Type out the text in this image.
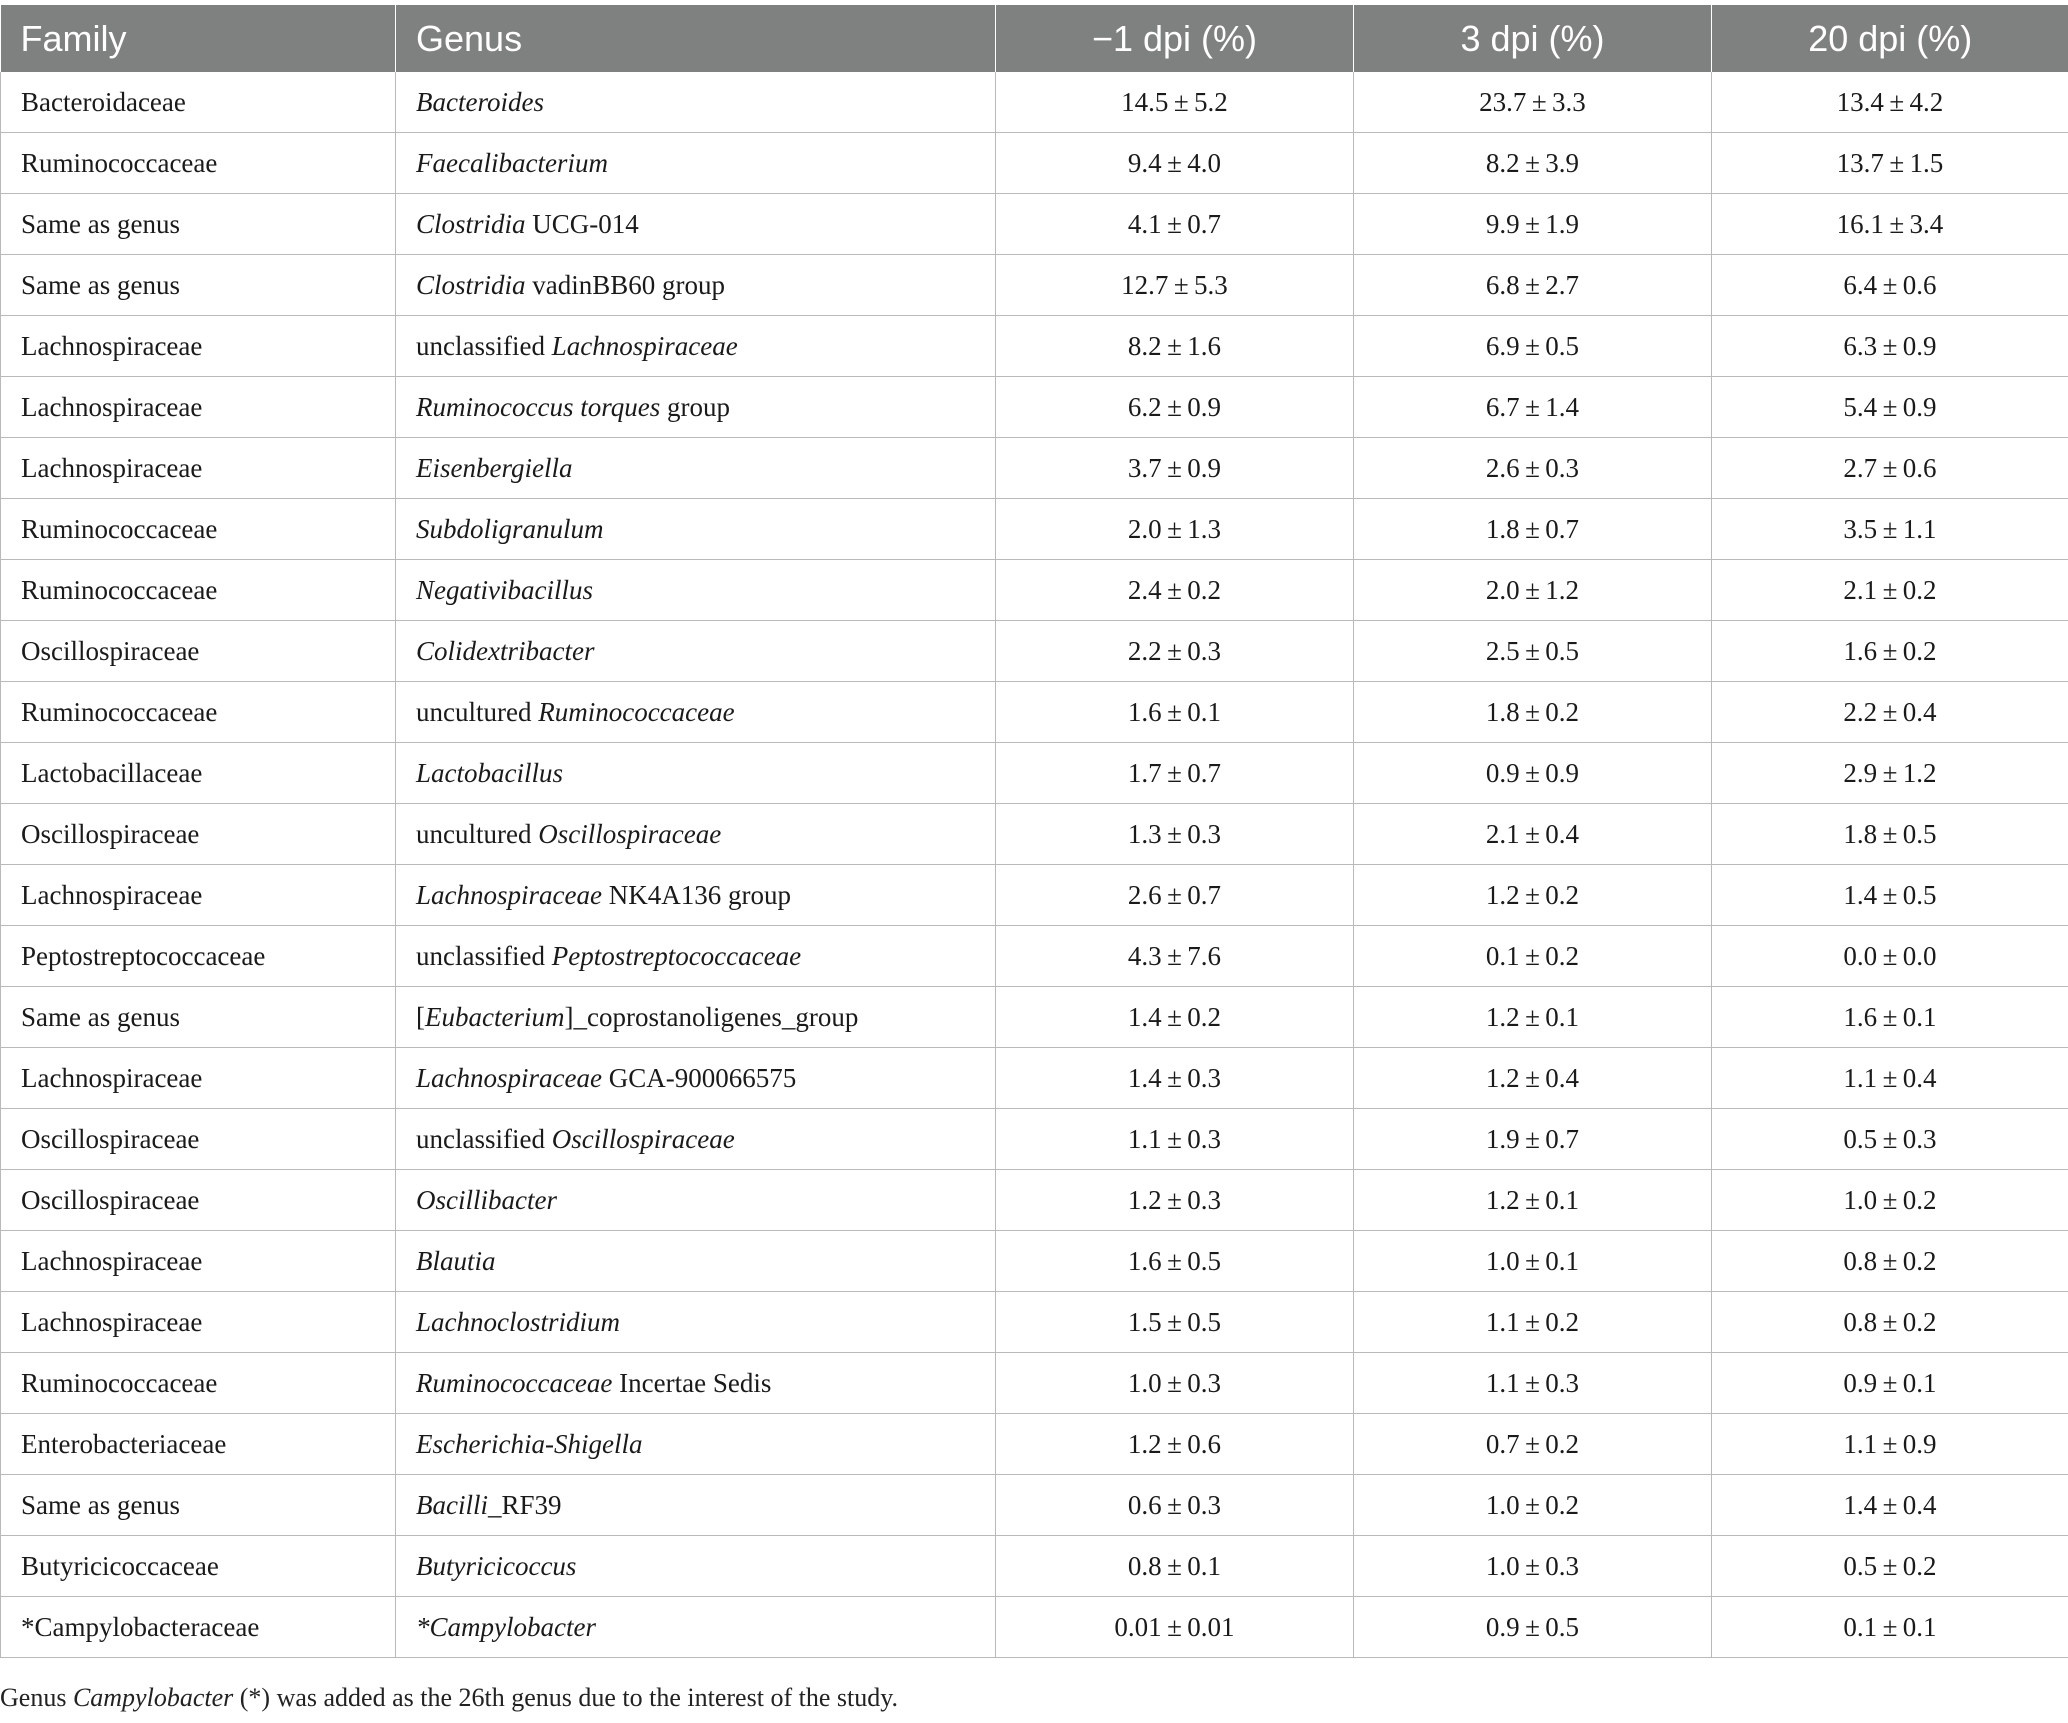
Family	Genus	−1 dpi (%)	3 dpi (%)	20 dpi (%)
Bacteroidaceae	Bacteroides	14.5 ± 5.2	23.7 ± 3.3	13.4 ± 4.2
Ruminococcaceae	Faecalibacterium	9.4 ± 4.0	8.2 ± 3.9	13.7 ± 1.5
Same as genus	Clostridia UCG-014	4.1 ± 0.7	9.9 ± 1.9	16.1 ± 3.4
Same as genus	Clostridia vadinBB60 group	12.7 ± 5.3	6.8 ± 2.7	6.4 ± 0.6
Lachnospiraceae	unclassified Lachnospiraceae	8.2 ± 1.6	6.9 ± 0.5	6.3 ± 0.9
Lachnospiraceae	Ruminococcus torques group	6.2 ± 0.9	6.7 ± 1.4	5.4 ± 0.9
Lachnospiraceae	Eisenbergiella	3.7 ± 0.9	2.6 ± 0.3	2.7 ± 0.6
Ruminococcaceae	Subdoligranulum	2.0 ± 1.3	1.8 ± 0.7	3.5 ± 1.1
Ruminococcaceae	Negativibacillus	2.4 ± 0.2	2.0 ± 1.2	2.1 ± 0.2
Oscillospiraceae	Colidextribacter	2.2 ± 0.3	2.5 ± 0.5	1.6 ± 0.2
Ruminococcaceae	uncultured Ruminococcaceae	1.6 ± 0.1	1.8 ± 0.2	2.2 ± 0.4
Lactobacillaceae	Lactobacillus	1.7 ± 0.7	0.9 ± 0.9	2.9 ± 1.2
Oscillospiraceae	uncultured Oscillospiraceae	1.3 ± 0.3	2.1 ± 0.4	1.8 ± 0.5
Lachnospiraceae	Lachnospiraceae NK4A136 group	2.6 ± 0.7	1.2 ± 0.2	1.4 ± 0.5
Peptostreptococcaceae	unclassified Peptostreptococcaceae	4.3 ± 7.6	0.1 ± 0.2	0.0 ± 0.0
Same as genus	[Eubacterium]_coprostanoligenes_group	1.4 ± 0.2	1.2 ± 0.1	1.6 ± 0.1
Lachnospiraceae	Lachnospiraceae GCA-900066575	1.4 ± 0.3	1.2 ± 0.4	1.1 ± 0.4
Oscillospiraceae	unclassified Oscillospiraceae	1.1 ± 0.3	1.9 ± 0.7	0.5 ± 0.3
Oscillospiraceae	Oscillibacter	1.2 ± 0.3	1.2 ± 0.1	1.0 ± 0.2
Lachnospiraceae	Blautia	1.6 ± 0.5	1.0 ± 0.1	0.8 ± 0.2
Lachnospiraceae	Lachnoclostridium	1.5 ± 0.5	1.1 ± 0.2	0.8 ± 0.2
Ruminococcaceae	Ruminococcaceae Incertae Sedis	1.0 ± 0.3	1.1 ± 0.3	0.9 ± 0.1
Enterobacteriaceae	Escherichia-Shigella	1.2 ± 0.6	0.7 ± 0.2	1.1 ± 0.9
Same as genus	Bacilli_RF39	0.6 ± 0.3	1.0 ± 0.2	1.4 ± 0.4
Butyricicoccaceae	Butyricicoccus	0.8 ± 0.1	1.0 ± 0.3	0.5 ± 0.2
*Campylobacteraceae	*Campylobacter	0.01 ± 0.01	0.9 ± 0.5	0.1 ± 0.1
Genus Campylobacter (*) was added as the 26th genus due to the interest of the study.
